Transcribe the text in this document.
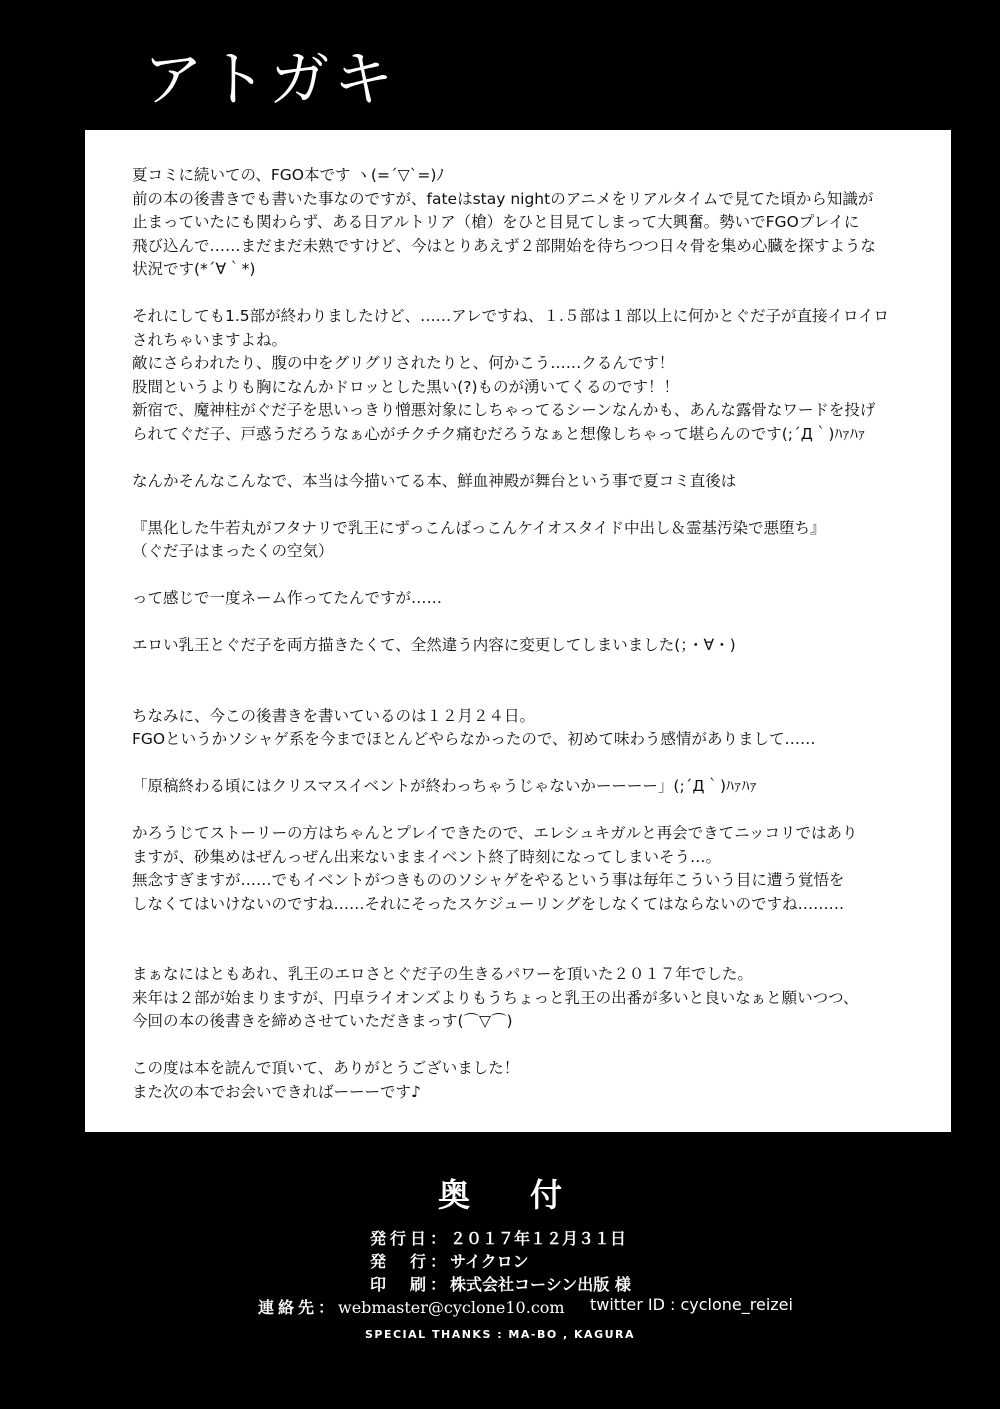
アトガキ
夏コミに続いての、FGO本です ヽ(=´▽`=)ﾉ
前の本の後書きでも書いた事なのですが、fateはstay nightのアニメをリアルタイムで見てた頃から知識が
止まっていたにも関わらず、ある日アルトリア（槍）をひと目見てしまって大興奮。勢いでFGOプレイに
飛び込んで……まだまだ未熟ですけど、今はとりあえず２部開始を待ちつつ日々骨を集め心臓を探すような
状況です(*´∀｀*)
それにしても1.5部が終わりましたけど、……アレですね、１.５部は１部以上に何かとぐだ子が直接イロイロ
されちゃいますよね。
敵にさらわれたり、腹の中をグリグリされたりと、何かこう……クるんです！
股間というよりも胸になんかドロッとした黒い(?)ものが湧いてくるのです！！
新宿で、魔神柱がぐだ子を思いっきり憎悪対象にしちゃってるシーンなんかも、あんな露骨なワードを投げ
られてぐだ子、戸惑うだろうなぁ心がチクチク痛むだろうなぁと想像しちゃって堪らんのです(;´Д｀)ﾊｧﾊｧ
なんかそんなこんなで、本当は今描いてる本、鮮血神殿が舞台という事で夏コミ直後は
『黒化した牛若丸がフタナリで乳王にずっこんばっこんケイオスタイド中出し＆霊基汚染で悪堕ち』
（ぐだ子はまったくの空気）
って感じで一度ネーム作ってたんですが……
エロい乳王とぐだ子を両方描きたくて、全然違う内容に変更してしまいました(；・∀・)
ちなみに、今この後書きを書いているのは１２月２４日。
FGOというかソシャゲ系を今までほとんどやらなかったので、初めて味わう感情がありまして……
「原稿終わる頃にはクリスマスイベントが終わっちゃうじゃないかーーーー」(;´Д｀)ﾊｧﾊｧ
かろうじてストーリーの方はちゃんとプレイできたので、エレシュキガルと再会できてニッコリではあり
ますが、砂集めはぜんっぜん出来ないままイベント終了時刻になってしまいそう…。
無念すぎますが……でもイベントがつきもののソシャゲをやるという事は毎年こういう目に遭う覚悟を
しなくてはいけないのですね……それにそったスケジューリングをしなくてはならないのですね………
まぁなにはともあれ、乳王のエロさとぐだ子の生きるパワーを頂いた２０１７年でした。
来年は２部が始まりますが、円卓ライオンズよりもうちょっと乳王の出番が多いと良いなぁと願いつつ、
今回の本の後書きを締めさせていただきまっす(⌒▽⌒)
この度は本を読んで頂いて、ありがとうございました！
また次の本でお会いできればーーーです♪
奥付
発行日：２０１７年１２月３１日
発　行：サイクロン
印　刷：株式会社コーシン出版 様
連絡先：webmaster@cyclone10.com twitter ID : cyclone_reizei
SPECIAL THANKS : MA-BO , KAGURA
